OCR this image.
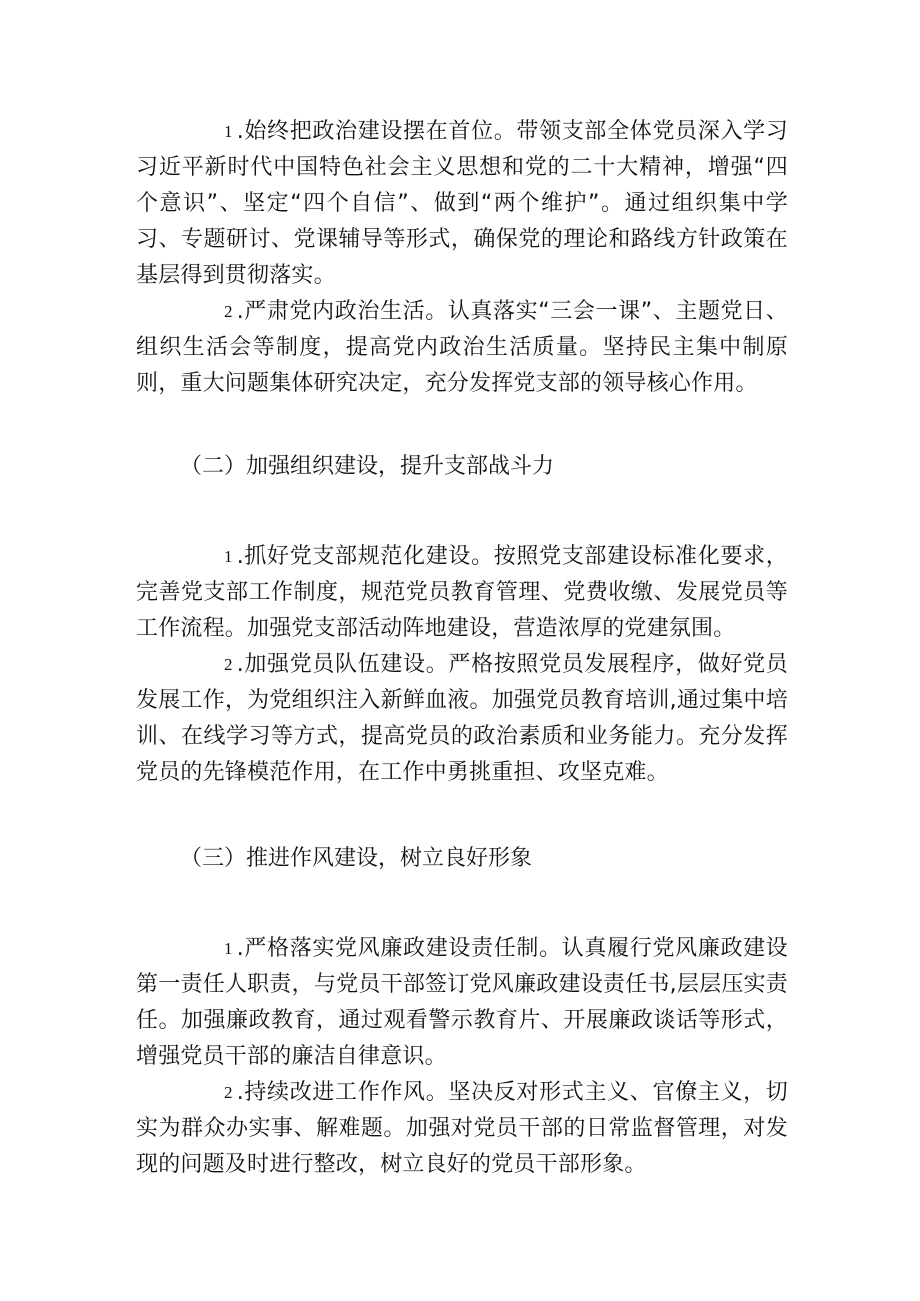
1 .始终把政治建设摆在首位。带领支部全体党员深入学习习近平新时代中国特色社会主义思想和党的二十大精神，增强“四个意识”、坚定“四个自信”、做到“两个维护”。通过组织集中学习、专题研讨、党课辅导等形式，确保党的理论和路线方针政策在基层得到贯彻落实。

2 .严肃党内政治生活。认真落实“三会一课”、主题党日、组织生活会等制度，提高党内政治生活质量。坚持民主集中制原则，重大问题集体研究决定，充分发挥党支部的领导核心作用。

（二）加强组织建设，提升支部战斗力

1 .抓好党支部规范化建设。按照党支部建设标准化要求，完善党支部工作制度，规范党员教育管理、党费收缴、发展党员等工作流程。加强党支部活动阵地建设，营造浓厚的党建氛围。

2 .加强党员队伍建设。严格按照党员发展程序，做好党员发展工作，为党组织注入新鲜血液。加强党员教育培训,通过集中培训、在线学习等方式，提高党员的政治素质和业务能力。充分发挥党员的先锋模范作用，在工作中勇挑重担、攻坚克难。

（三）推进作风建设，树立良好形象

1 .严格落实党风廉政建设责任制。认真履行党风廉政建设第一责任人职责，与党员干部签订党风廉政建设责任书,层层压实责任。加强廉政教育，通过观看警示教育片、开展廉政谈话等形式，增强党员干部的廉洁自律意识。

2 .持续改进工作作风。坚决反对形式主义、官僚主义，切实为群众办实事、解难题。加强对党员干部的日常监督管理，对发现的问题及时进行整改，树立良好的党员干部形象。
